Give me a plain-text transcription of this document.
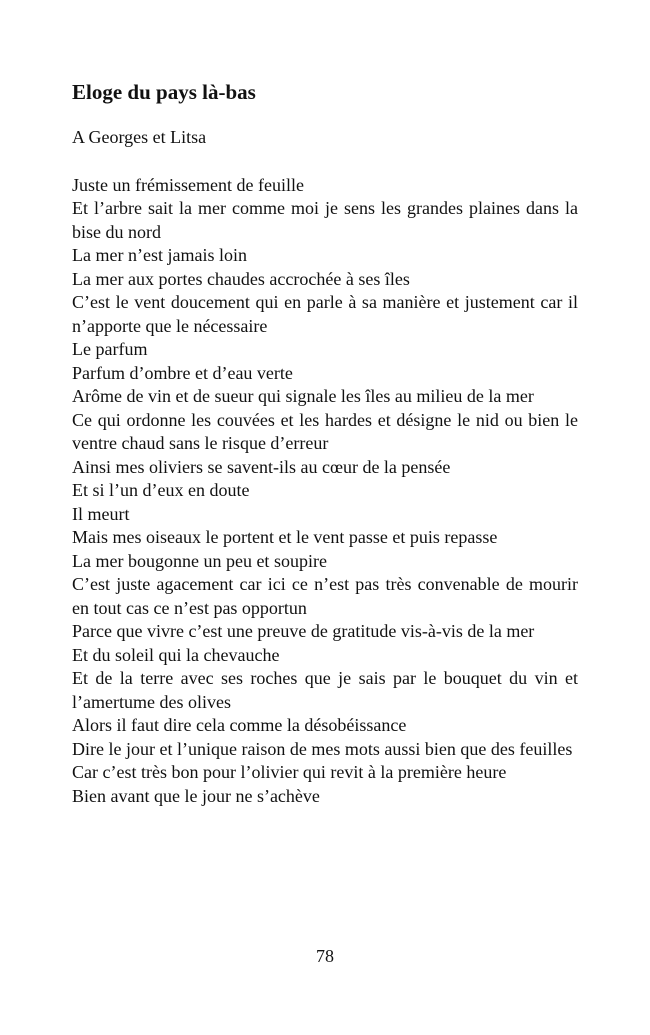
Eloge du pays là-bas

A Georges et Litsa

Juste un frémissement de feuille
Et l’arbre sait la mer comme moi je sens les grandes plaines dans la bise du nord
La mer n’est jamais loin
La mer aux portes chaudes accrochée à ses îles
C’est le vent doucement qui en parle à sa manière et justement car il n’apporte que le nécessaire
Le parfum
Parfum d’ombre et d’eau verte
Arôme de vin et de sueur qui signale les îles au milieu de la mer
Ce qui ordonne les couvées et les hardes et désigne le nid ou bien le ventre chaud sans le risque d’erreur
Ainsi mes oliviers se savent-ils au cœur de la pensée
Et si l’un d’eux en doute
Il meurt
Mais mes oiseaux le portent et le vent passe et puis repasse
La mer bougonne un peu et soupire
C’est juste agacement car ici ce n’est pas très convenable de mourir en tout cas ce n’est pas opportun
Parce que vivre c’est une preuve de gratitude vis-à-vis de la mer
Et du soleil qui la chevauche
Et de la terre avec ses roches que je sais par le bouquet du vin et l’amertume des olives
Alors il faut dire cela comme la désobéissance
Dire le jour et l’unique raison de mes mots aussi bien que des feuilles
Car c’est très bon pour l’olivier qui revit à la première heure
Bien avant que le jour ne s’achève
78
